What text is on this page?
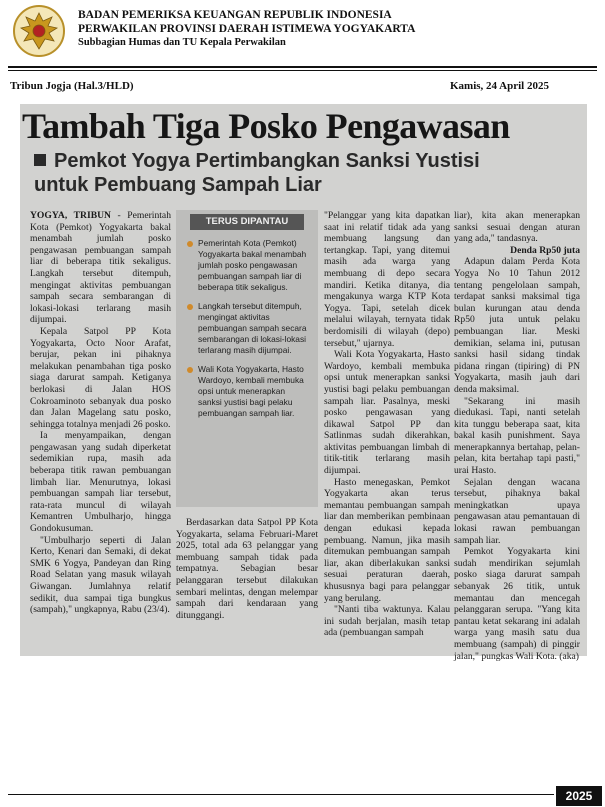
BADAN PEMERIKSA KEUANGAN REPUBLIK INDONESIA
PERWAKILAN PROVINSI DAERAH ISTIMEWA YOGYAKARTA
Subbagian Humas dan TU Kepala Perwakilan
Tribun Jogja (Hal.3/HLD)	Kamis, 24 April 2025
Tambah Tiga Posko Pengawasan
Pemkot Yogya Pertimbangkan Sanksi Yustisi
untuk Pembuang Sampah Liar

YOGYA, TRIBUN - Pemerintah Kota (Pemkot) Yogyakarta bakal menambah jumlah posko pengawasan pembuangan sampah liar di beberapa titik sekaligus. Langkah tersebut ditempuh, mengingat aktivitas pembuangan sampah secara sembarangan di lokasi-lokasi terlarang masih dijumpai.

Kepala Satpol PP Kota Yogyakarta, Octo Noor Arafat, berujar, pekan ini pihaknya melakukan penambahan tiga posko siaga darurat sampah. Ketiganya berlokasi di Jalan HOS Cokroaminoto sebanyak dua posko dan Jalan Magelang satu posko, sehingga totalnya menjadi 26 posko.

Ia menyampaikan, dengan pengawasan yang sudah diperketat sedemikian rupa, masih ada beberapa titik rawan pembuangan limbah liar. Menurutnya, lokasi pembuangan sampah liar tersebut, rata-rata muncul di wilayah Kemantren Umbulharjo, hingga Gondokusuman.

"Umbulharjo seperti di Jalan Kerto, Kenari dan Semaki, di dekat SMK 6 Yogya, Pandeyan dan Ring Road Selatan yang masuk wilayah Giwangan. Jumlahnya relatif sedikit, dua sampai tiga bungkus (sampah)," ungkapnya, Rabu (23/4).

TERUS DIPANTAU
Pemerintah Kota (Pemkot) Yogyakarta bakal menambah jumlah posko pengawasan pembuangan sampah liar di beberapa titik sekaligus.
Langkah tersebut ditempuh, mengingat aktivitas pembuangan sampah secara sembarangan di lokasi-lokasi terlarang masih dijumpai.
Wali Kota Yogyakarta, Hasto Wardoyo, kembali membuka opsi untuk menerapkan sanksi yustisi bagi pelaku pembuangan sampah liar.

Berdasarkan data Satpol PP Kota Yogyakarta, selama Februari-Maret 2025, total ada 63 pelanggar yang membuang sampah tidak pada tempatnya. Sebagian besar pelanggaran tersebut dilakukan sembari melintas, dengan melempar sampah dari kendaraan yang ditunggangi.

"Pelanggar yang kita dapatkan saat ini relatif tidak ada yang membuang langsung dan tertangkap. Tapi, yang ditemui masih ada warga yang membuang di depo secara mandiri. Ketika ditanya, dia mengakunya warga KTP Kota Yogya. Tapi, setelah dicek melalui wilayah, ternyata tidak berdomisili di wilayah (depo) tersebut," ujarnya.

Wali Kota Yogyakarta, Hasto Wardoyo, kembali membuka opsi untuk menerapkan sanksi yustisi bagi pelaku pembuangan sampah liar. Pasalnya, meski posko pengawasan yang dikawal Satpol PP dan Satlinmas sudah dikerahkan, aktivitas pembuangan limbah di titik-titik terlarang masih dijumpai.

Hasto menegaskan, Pemkot Yogyakarta akan terus memantau pembuangan sampah liar dan memberikan pembinaan dengan edukasi kepada pembuang. Namun, jika masih ditemukan pembuangan sampah liar, akan diberlakukan sanksi sesuai peraturan daerah, khususnya bagi para pelanggar yang berulang.

"Nanti tiba waktunya. Kalau ini sudah berjalan, masih tetap ada (pembuangan sampah

liar), kita akan menerapkan sanksi sesuai dengan aturan yang ada," tandasnya.

Denda Rp50 juta

Adapun dalam Perda Kota Yogya No 10 Tahun 2012 tentang pengelolaan sampah, terdapat sanksi maksimal tiga bulan kurungan atau denda Rp50 juta untuk pelaku pembuangan liar. Meski demikian, selama ini, putusan sanksi hasil sidang tindak pidana ringan (tipiring) di PN Yogyakarta, masih jauh dari denda maksimal.

"Sekarang ini masih diedukasi. Tapi, nanti setelah kita tunggu beberapa saat, kita bakal kasih punishment. Saya menerapkannya bertahap, pelan-pelan, kita bertahap tapi pasti," urai Hasto.

Sejalan dengan wacana tersebut, pihaknya bakal meningkatkan upaya pengawasan atau pemantauan di lokasi rawan pembuangan sampah liar.

Pemkot Yogyakarta kini sudah mendirikan sejumlah posko siaga darurat sampah sebanyak 26 titik, untuk memantau dan mencegah pelanggaran serupa. "Yang kita pantau ketat sekarang ini adalah warga yang masih satu dua membuang (sampah) di pinggir jalan," pungkas Wali Kota. (aka)

2025
